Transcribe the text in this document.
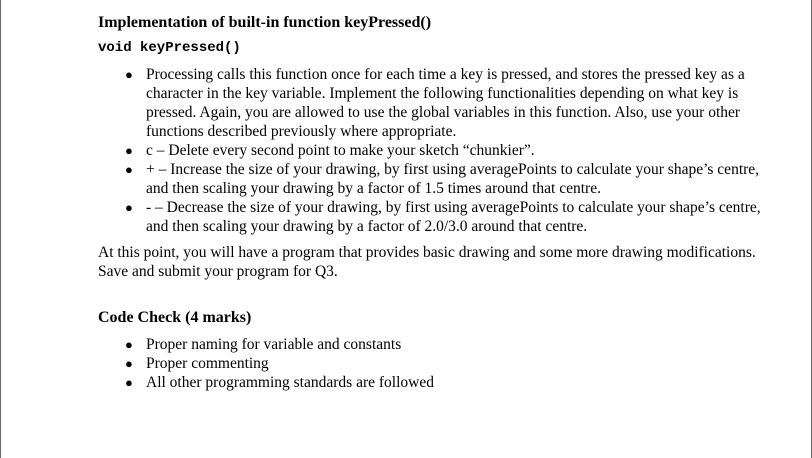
Implementation of built-in function keyPressed()
void keyPressed()
● Processing calls this function once for each time a key is pressed, and stores the pressed key as a character in the key variable. Implement the following functionalities depending on what key is pressed. Again, you are allowed to use the global variables in this function. Also, use your other functions described previously where appropriate.
● c – Delete every second point to make your sketch “chunkier”.
● + – Increase the size of your drawing, by first using averagePoints to calculate your shape’s centre, and then scaling your drawing by a factor of 1.5 times around that centre.
● - – Decrease the size of your drawing, by first using averagePoints to calculate your shape’s centre, and then scaling your drawing by a factor of 2.0/3.0 around that centre.
At this point, you will have a program that provides basic drawing and some more drawing modifications. Save and submit your program for Q3.
Code Check (4 marks)
● Proper naming for variable and constants
● Proper commenting
● All other programming standards are followed
